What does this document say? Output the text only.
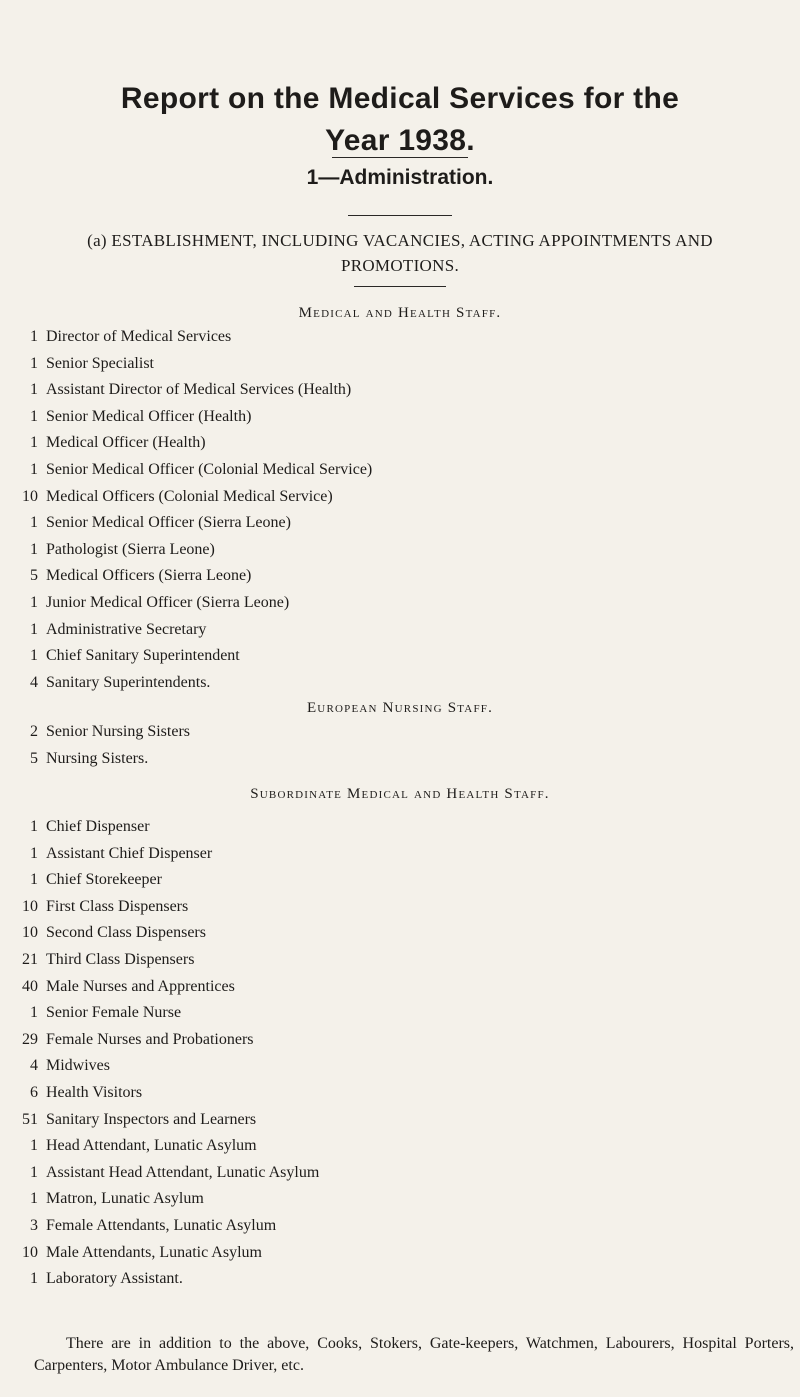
Report on the Medical Services for the
Year 1938.
1—Administration.
(a) ESTABLISHMENT, INCLUDING VACANCIES, ACTING APPOINTMENTS AND PROMOTIONS.
Medical and Health Staff.
1 Director of Medical Services
1 Senior Specialist
1 Assistant Director of Medical Services (Health)
1 Senior Medical Officer (Health)
1 Medical Officer (Health)
1 Senior Medical Officer (Colonial Medical Service)
10 Medical Officers (Colonial Medical Service)
1 Senior Medical Officer (Sierra Leone)
1 Pathologist (Sierra Leone)
5 Medical Officers (Sierra Leone)
1 Junior Medical Officer (Sierra Leone)
1 Administrative Secretary
1 Chief Sanitary Superintendent
4 Sanitary Superintendents.
European Nursing Staff.
2 Senior Nursing Sisters
5 Nursing Sisters.
Subordinate Medical and Health Staff.
1 Chief Dispenser
1 Assistant Chief Dispenser
1 Chief Storekeeper
10 First Class Dispensers
10 Second Class Dispensers
21 Third Class Dispensers
40 Male Nurses and Apprentices
1 Senior Female Nurse
29 Female Nurses and Probationers
4 Midwives
6 Health Visitors
51 Sanitary Inspectors and Learners
1 Head Attendant, Lunatic Asylum
1 Assistant Head Attendant, Lunatic Asylum
1 Matron, Lunatic Asylum
3 Female Attendants, Lunatic Asylum
10 Male Attendants, Lunatic Asylum
1 Laboratory Assistant.

There are in addition to the above, Cooks, Stokers, Gate-keepers, Watchmen, Labourers, Hospital Porters, Carpenters, Motor Ambulance Driver, etc.
